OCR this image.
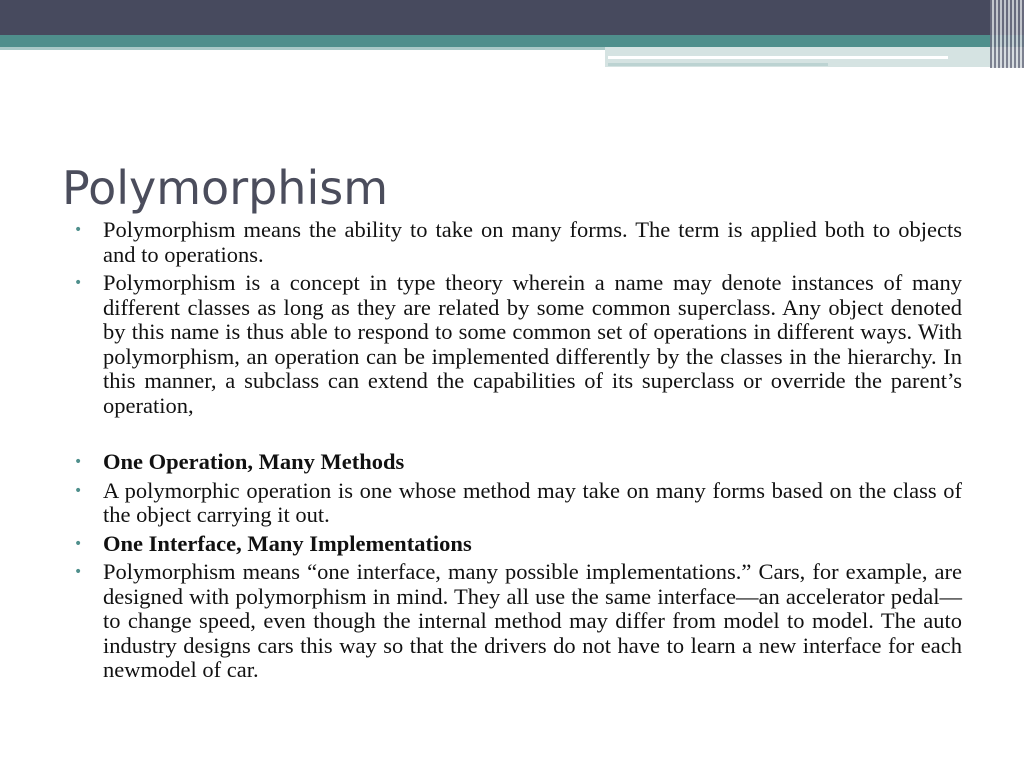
Polymorphism
• Polymorphism means the ability to take on many forms. The term is applied both to objects and to operations.
• Polymorphism is a concept in type theory wherein a name may denote instances of many different classes as long as they are related by some common superclass. Any object denoted by this name is thus able to respond to some common set of operations in different ways. With polymorphism, an operation can be implemented differently by the classes in the hierarchy. In this manner, a subclass can extend the capabilities of its superclass or override the parent’s operation,
• One Operation, Many Methods
• A polymorphic operation is one whose method may take on many forms based on the class of the object carrying it out.
• One Interface, Many Implementations
• Polymorphism means “one interface, many possible implementations.” Cars, for example, are designed with polymorphism in mind. They all use the same interface—an accelerator pedal—to change speed, even though the internal method may differ from model to model. The auto industry designs cars this way so that the drivers do not have to learn a new interface for each newmodel of car.
